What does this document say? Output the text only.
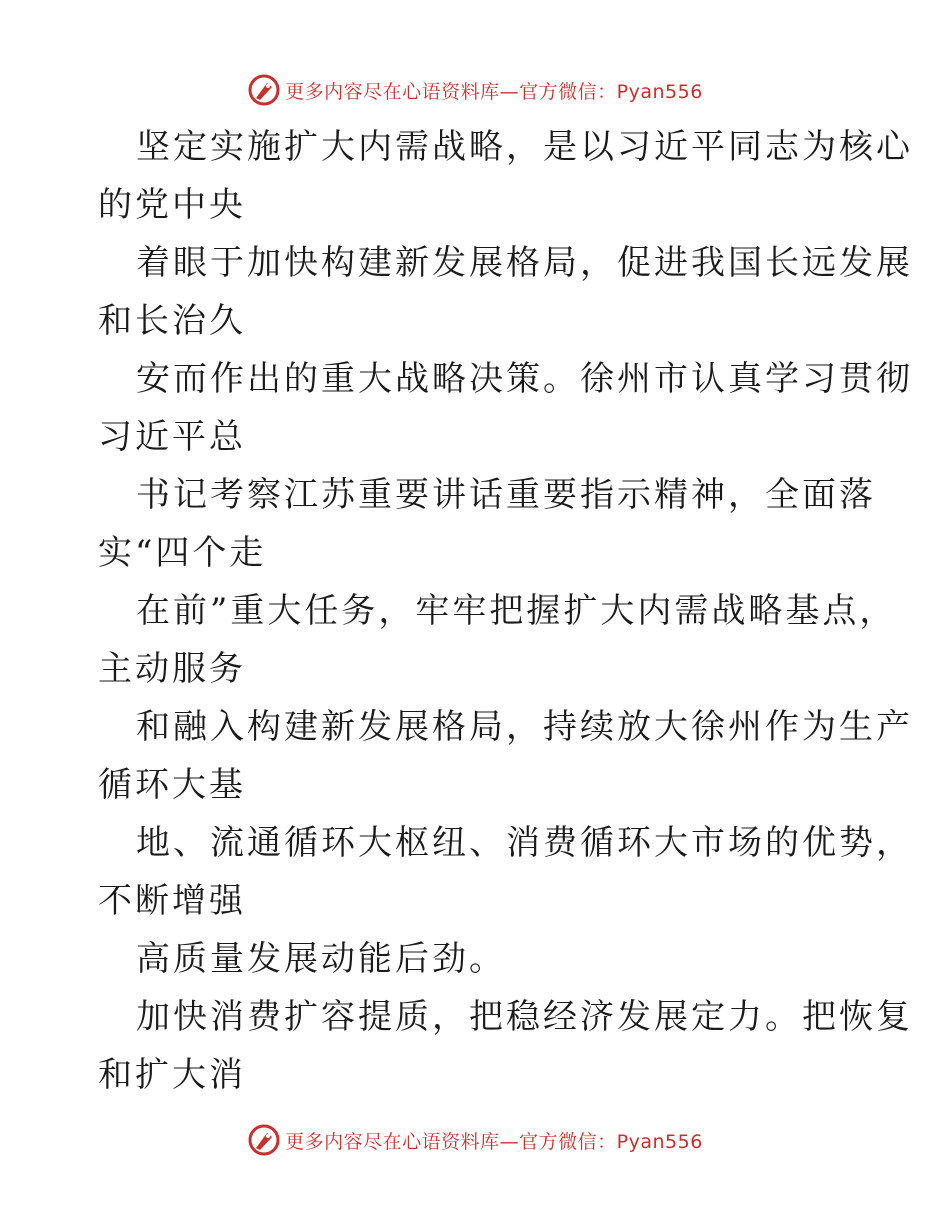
更多内容尽在心语资料库—官方微信：Pyan556
坚定实施扩大内需战略，是以习近平同志为核心
的党中央
着眼于加快构建新发展格局，促进我国长远发展
和长治久
安而作出的重大战略决策。徐州市认真学习贯彻
习近平总
书记考察江苏重要讲话重要指示精神，全面落
实“四个走
在前”重大任务，牢牢把握扩大内需战略基点，
主动服务
和融入构建新发展格局，持续放大徐州作为生产
循环大基
地、流通循环大枢纽、消费循环大市场的优势，
不断增强
高质量发展动能后劲。
加快消费扩容提质，把稳经济发展定力。把恢复
和扩大消
更多内容尽在心语资料库—官方微信：Pyan556
